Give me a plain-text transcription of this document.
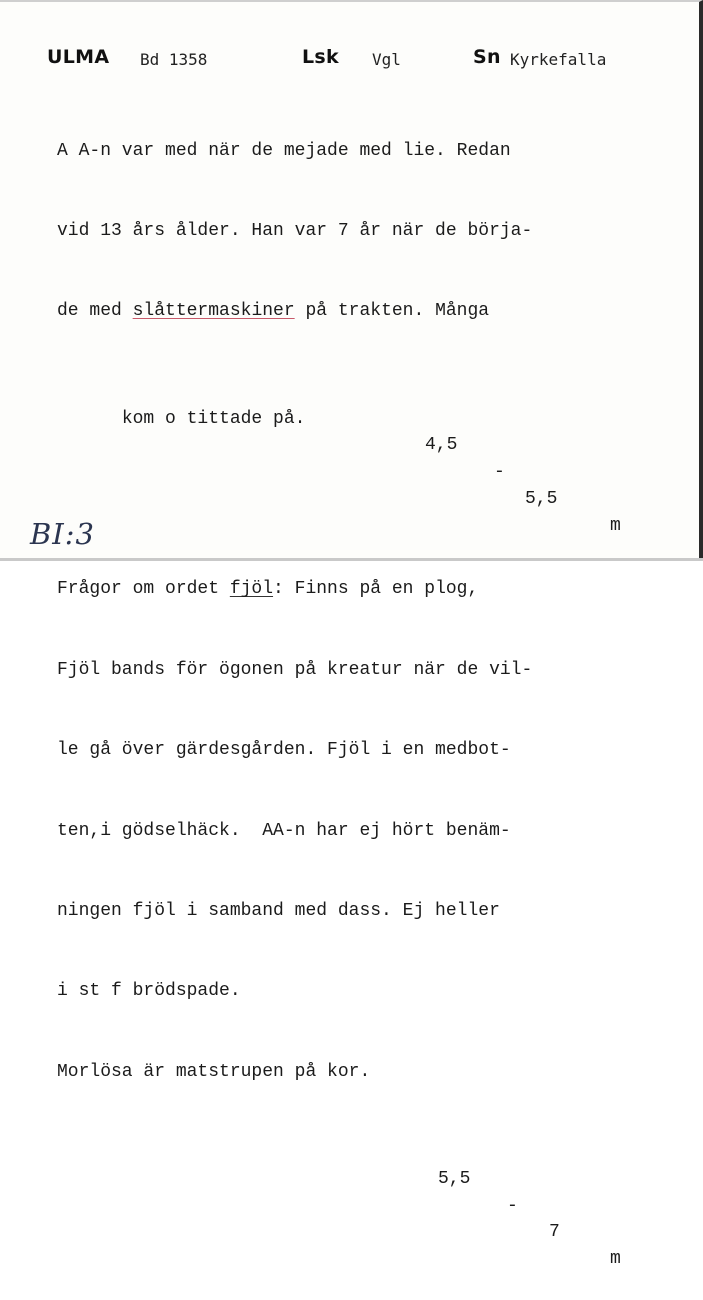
ULMA Bd 1358	Lsk Vgl	Sn Kyrkefalla

A A-n var med när de mejade med lie. Redan

vid 13 års ålder. Han var 7 år när de börja-

de med slåttermaskiner på trakten. Många

kom o tittade på.

4,5

-

5,5

m

Frågor om ordet fjöl: Finns på en plog,

Fjöl bands för ögonen på kreatur när de vil-

le gå över gärdesgården. Fjöl i en medbot-

ten,i gödselhäck.  AA-n har ej hört benäm-

ningen fjöl i samband med dass. Ej heller

i st f brödspade.

Morlösa är matstrupen på kor.

5,5

-

7

m

BI:3
